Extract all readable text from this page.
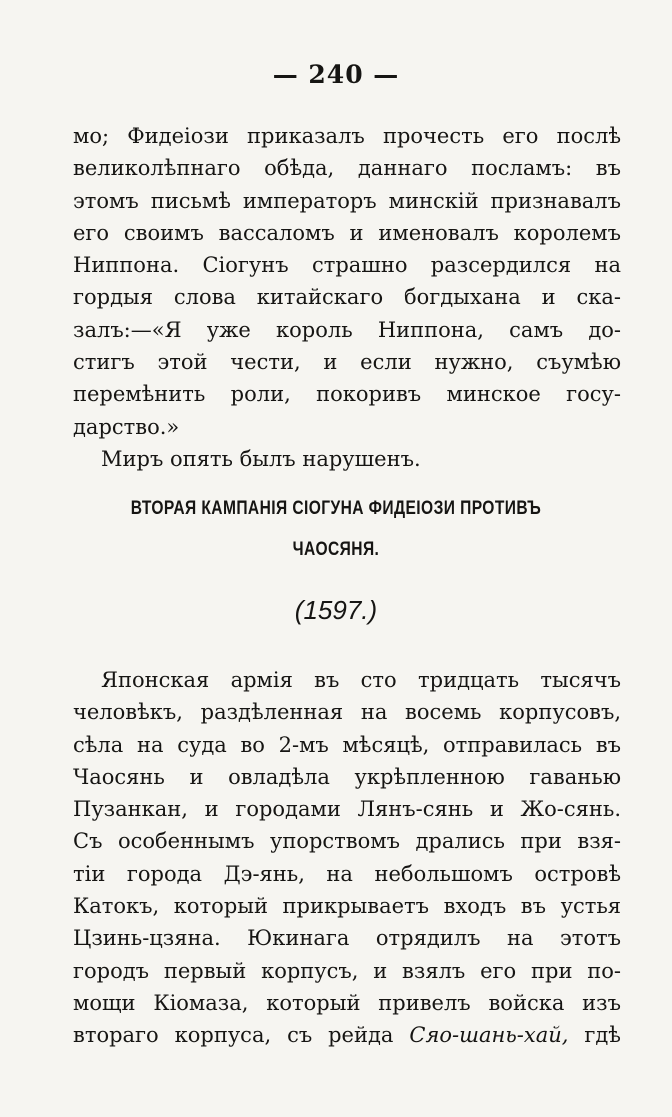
— 240 —
мо; Фидеіози приказалъ прочесть его послѣ
великолѣпнаго обѣда, даннаго посламъ: въ
этомъ письмѣ императоръ минскій признавалъ
его своимъ вассаломъ и именовалъ королемъ
Ниппона. Сіогунъ страшно разсердился на
гордыя слова китайскаго богдыхана и ска-
залъ:—«Я уже король Ниппона, самъ до-
стигъ этой чести, и если нужно, съумѣю
перемѣнить роли, покоривъ минское госу-
дарство.»
Миръ опять былъ нарушенъ.
ВТОРАЯ КАМПАНІЯ СІОГУНА ФИДЕІОЗИ ПРОТИВЪ
ЧАОСЯНЯ.
(1597.)
Японская армія въ сто тридцать тысячъ
человѣкъ, раздѣленная на восемь корпусовъ,
сѣла на суда во 2-мъ мѣсяцѣ, отправилась въ
Чаосянь и овладѣла укрѣпленною гаванью
Пузанкан, и городами Лянъ-сянь и Жо-сянь.
Съ особеннымъ упорствомъ дрались при взя-
тіи города Дэ-янь, на небольшомъ островѣ
Катокъ, который прикрываетъ входъ въ устья
Цзинь-цзяна. Юкинага отрядилъ на этотъ
городъ первый корпусъ, и взялъ его при по-
мощи Кіомаза, который привелъ войска изъ
втораго корпуса, съ рейда Сяо-шань-хай, гдѣ
